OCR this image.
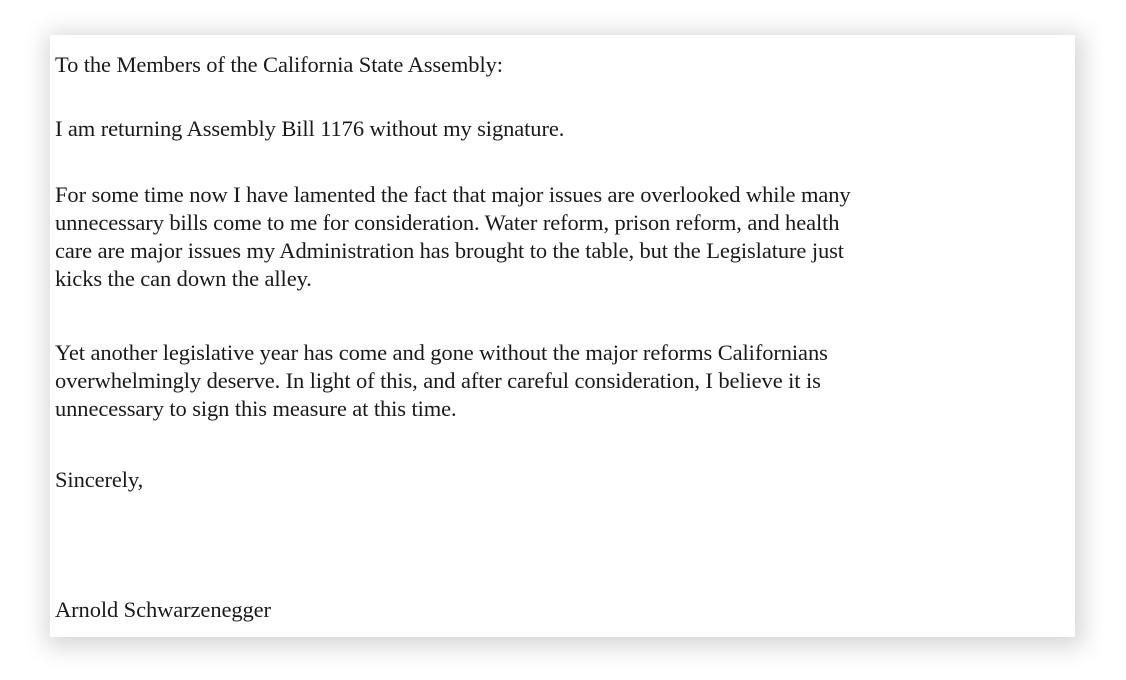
To the Members of the California State Assembly:

I am returning Assembly Bill 1176 without my signature.

For some time now I have lamented the fact that major issues are overlooked while many
unnecessary bills come to me for consideration. Water reform, prison reform, and health
care are major issues my Administration has brought to the table, but the Legislature just
kicks the can down the alley.

Yet another legislative year has come and gone without the major reforms Californians
overwhelmingly deserve. In light of this, and after careful consideration, I believe it is
unnecessary to sign this measure at this time.

Sincerely,

Arnold Schwarzenegger
